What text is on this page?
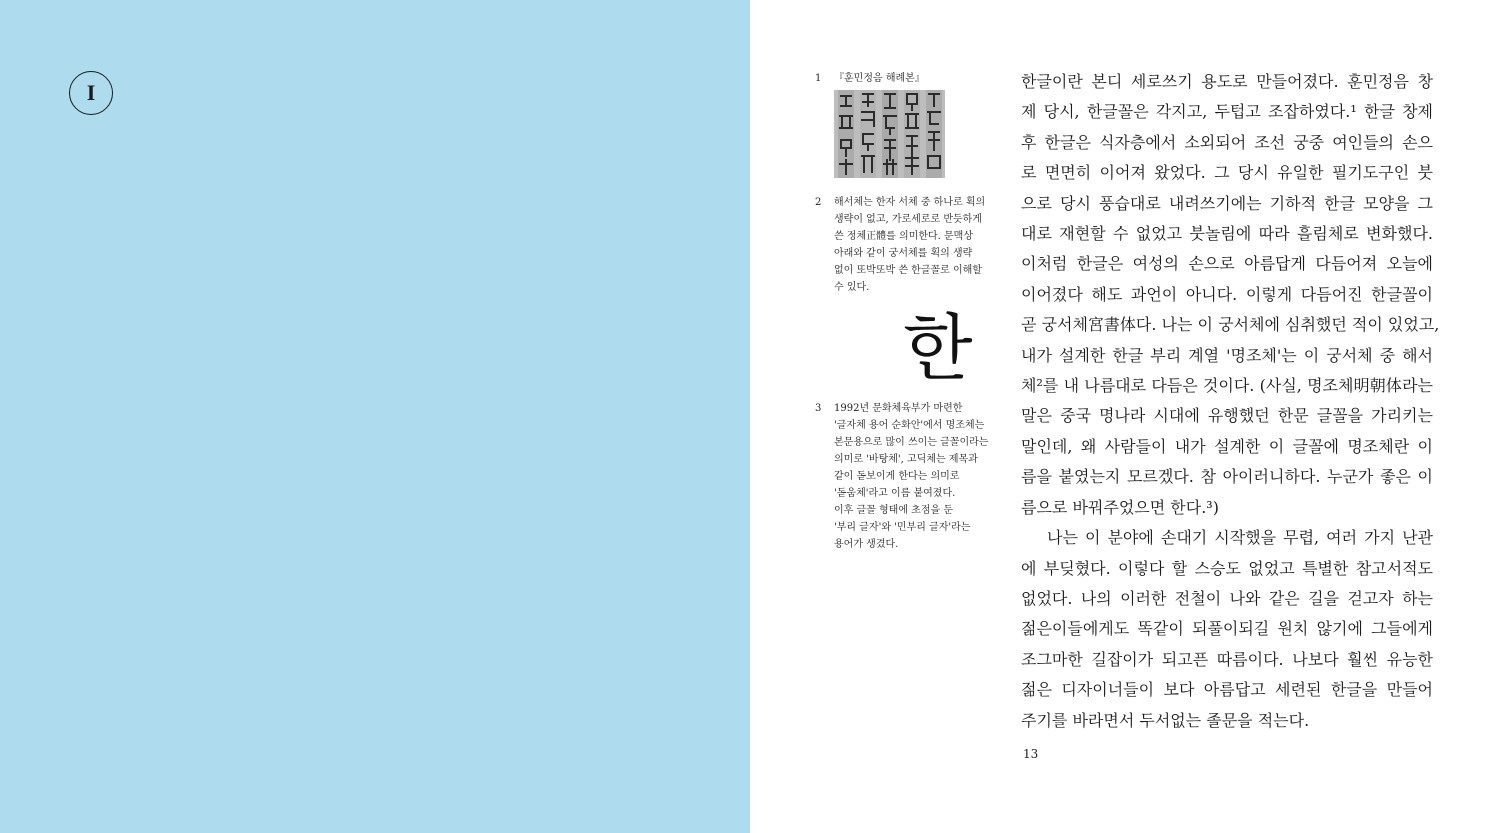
I
1 『훈민정음 해례본』
2 해서체는 한자 서체 중 하나로 획의
생략이 없고, 가로세로로 반듯하게
쓴 정체正體를 의미한다. 문맥상
아래와 같이 궁서체를 획의 생략
없이 또박또박 쓴 한글꼴로 이해할
수 있다.
한
3 1992년 문화체육부가 마련한
'글자체 용어 순화안'에서 명조체는
본문용으로 많이 쓰이는 글꼴이라는
의미로 '바탕체', 고딕체는 제목과
같이 돋보이게 한다는 의미로
'돋움체'라고 이름 붙여졌다.
이후 글꼴 형태에 초점을 둔
'부리 글자'와 '민부리 글자'라는
용어가 생겼다.
한글이란 본디 세로쓰기 용도로 만들어졌다. 훈민정음 창
제 당시, 한글꼴은 각지고, 두텁고 조잡하였다.¹ 한글 창제
후 한글은 식자층에서 소외되어 조선 궁중 여인들의 손으
로 면면히 이어져 왔었다. 그 당시 유일한 필기도구인 붓
으로 당시 풍습대로 내려쓰기에는 기하적 한글 모양을 그
대로 재현할 수 없었고 붓놀림에 따라 흘림체로 변화했다.
이처럼 한글은 여성의 손으로 아름답게 다듬어져 오늘에
이어졌다 해도 과언이 아니다. 이렇게 다듬어진 한글꼴이
곧 궁서체宮書体다. 나는 이 궁서체에 심취했던 적이 있었고,
내가 설계한 한글 부리 계열 '명조체'는 이 궁서체 중 해서
체²를 내 나름대로 다듬은 것이다. (사실, 명조체明朝体라는
말은 중국 명나라 시대에 유행했던 한문 글꼴을 가리키는
말인데, 왜 사람들이 내가 설계한 이 글꼴에 명조체란 이
름을 붙였는지 모르겠다. 참 아이러니하다. 누군가 좋은 이
름으로 바꿔주었으면 한다.³)
나는 이 분야에 손대기 시작했을 무렵, 여러 가지 난관
에 부딪혔다. 이렇다 할 스승도 없었고 특별한 참고서적도
없었다. 나의 이러한 전철이 나와 같은 길을 걷고자 하는
젊은이들에게도 똑같이 되풀이되길 원치 않기에 그들에게
조그마한 길잡이가 되고픈 따름이다. 나보다 훨씬 유능한
젊은 디자이너들이 보다 아름답고 세련된 한글을 만들어
주기를 바라면서 두서없는 졸문을 적는다.
13
